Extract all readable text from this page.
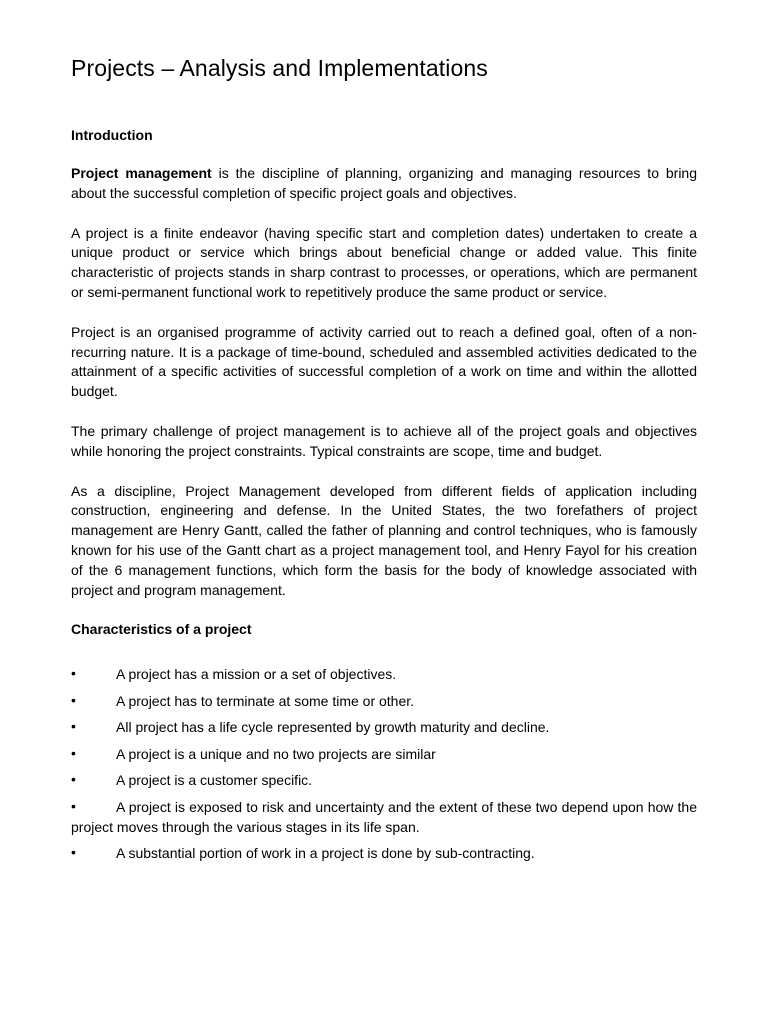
Projects – Analysis and Implementations
Introduction

Project management is the discipline of planning, organizing and managing resources to bring about the successful completion of specific project goals and objectives.

A project is a finite endeavor (having specific start and completion dates) undertaken to create a unique product or service which brings about beneficial change or added value. This finite characteristic of projects stands in sharp contrast to processes, or operations, which are permanent or semi-permanent functional work to repetitively produce the same product or service.

Project is an organised programme of activity carried out to reach a defined goal, often of a non-recurring nature. It is a package of time-bound, scheduled and assembled activities dedicated to the attainment of a specific activities of successful completion of a work on time and within the allotted budget.

The primary challenge of project management is to achieve all of the project goals and objectives while honoring the project constraints. Typical constraints are scope, time and budget.

As a discipline, Project Management developed from different fields of application including construction, engineering and defense. In the United States, the two forefathers of project management are Henry Gantt, called the father of planning and control techniques, who is famously known for his use of the Gantt chart as a project management tool, and Henry Fayol for his creation of the 6 management functions, which form the basis for the body of knowledge associated with project and program management.

Characteristics of a project
•	A project has a mission or a set of objectives.
•	A project has to terminate at some time or other.
•	All project has a life cycle represented by growth maturity and decline.
•	A project is a unique and no two projects are similar
•	A project is a customer specific.
•	A project is exposed to risk and uncertainty and the extent of these two depend upon how the project moves through the various stages in its life span.
•	A substantial portion of work in a project is done by sub-contracting.
